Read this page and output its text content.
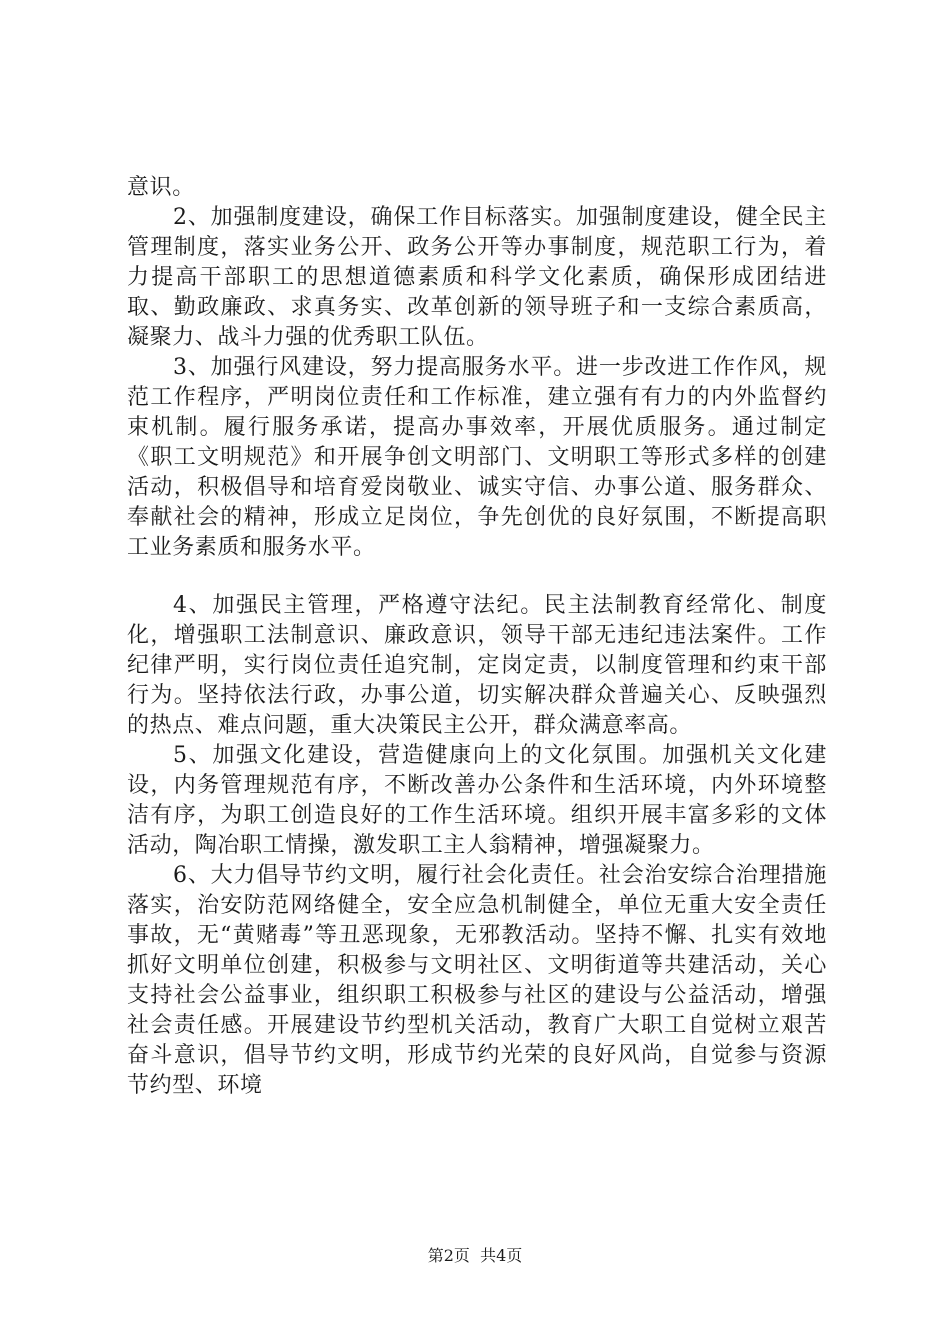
意识。

2、加强制度建设，确保工作目标落实。加强制度建设，健全民主管理制度，落实业务公开、政务公开等办事制度，规范职工行为，着力提高干部职工的思想道德素质和科学文化素质，确保形成团结进取、勤政廉政、求真务实、改革创新的领导班子和一支综合素质高，凝聚力、战斗力强的优秀职工队伍。

3、加强行风建设，努力提高服务水平。进一步改进工作作风，规范工作程序，严明岗位责任和工作标准，建立强有有力的内外监督约束机制。履行服务承诺，提高办事效率，开展优质服务。通过制定《职工文明规范》和开展争创文明部门、文明职工等形式多样的创建活动，积极倡导和培育爱岗敬业、诚实守信、办事公道、服务群众、奉献社会的精神，形成立足岗位，争先创优的良好氛围，不断提高职工业务素质和服务水平。

4、加强民主管理，严格遵守法纪。民主法制教育经常化、制度化，增强职工法制意识、廉政意识，领导干部无违纪违法案件。工作纪律严明，实行岗位责任追究制，定岗定责，以制度管理和约束干部行为。坚持依法行政，办事公道，切实解决群众普遍关心、反映强烈的热点、难点问题，重大决策民主公开，群众满意率高。

5、加强文化建设，营造健康向上的文化氛围。加强机关文化建设，内务管理规范有序，不断改善办公条件和生活环境，内外环境整洁有序，为职工创造良好的工作生活环境。组织开展丰富多彩的文体活动，陶冶职工情操，激发职工主人翁精神，增强凝聚力。

6、大力倡导节约文明，履行社会化责任。社会治安综合治理措施落实，治安防范网络健全，安全应急机制健全，单位无重大安全责任事故，无“黄赌毒”等丑恶现象，无邪教活动。坚持不懈、扎实有效地抓好文明单位创建，积极参与文明社区、文明街道等共建活动，关心支持社会公益事业，组织职工积极参与社区的建设与公益活动，增强社会责任感。开展建设节约型机关活动，教育广大职工自觉树立艰苦奋斗意识，倡导节约文明，形成节约光荣的良好风尚，自觉参与资源节约型、环境

第2页  共4页
